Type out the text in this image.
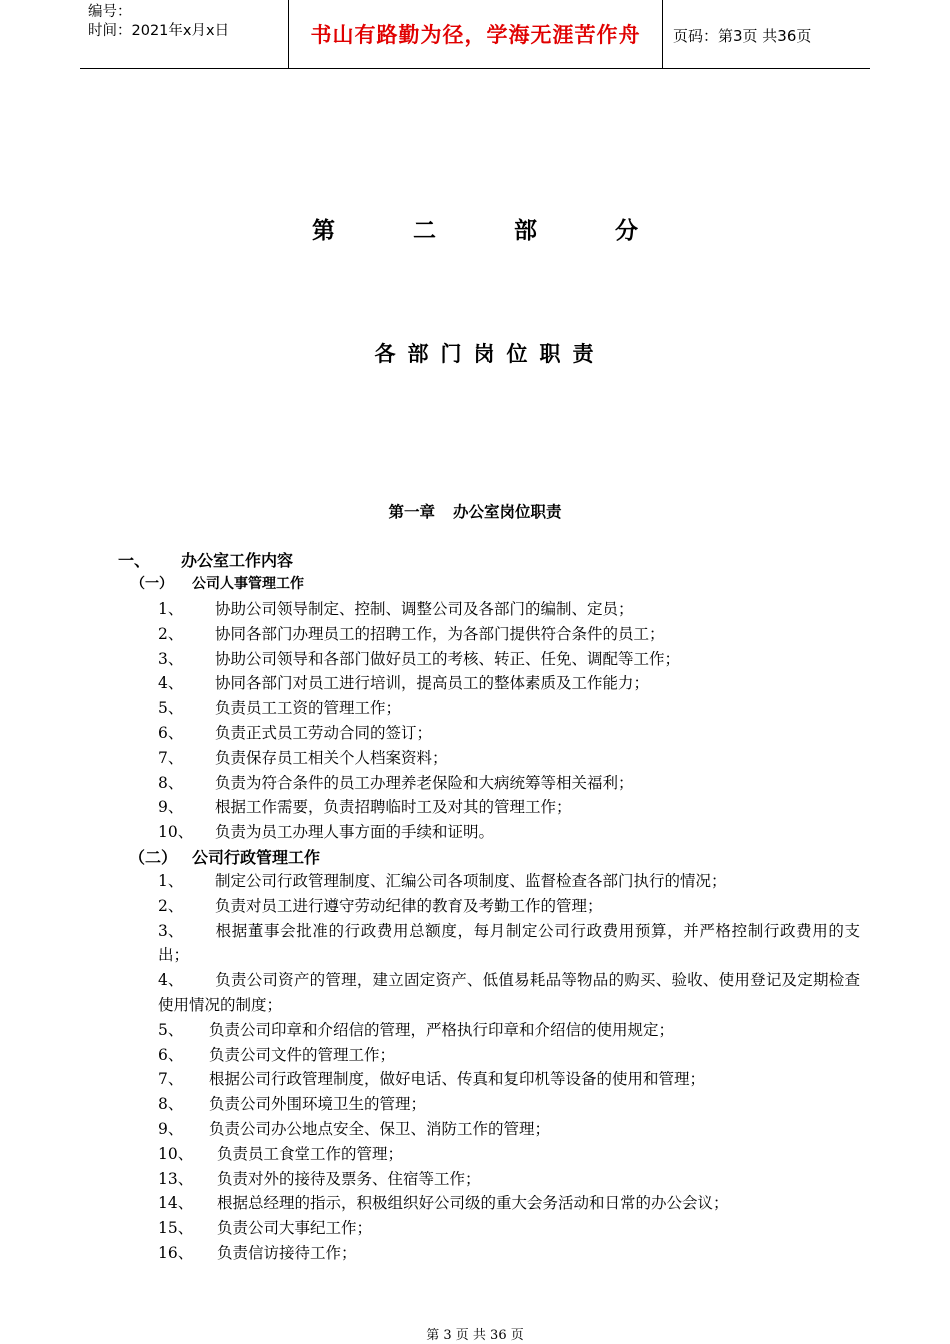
编号：
时间：2021年x月x日	书山有路勤为径，学海无涯苦作舟 页码：第3页 共36页
第	二	部	分
各部门岗位职责
第一章 办公室岗位职责
一、 办公室工作内容
（一） 公司人事管理工作
1、 协助公司领导制定、控制、调整公司及各部门的编制、定员；
2、 协同各部门办理员工的招聘工作，为各部门提供符合条件的员工；
3、 协助公司领导和各部门做好员工的考核、转正、任免、调配等工作；
4、 协同各部门对员工进行培训，提高员工的整体素质及工作能力；
5、 负责员工工资的管理工作；
6、 负责正式员工劳动合同的签订；
7、 负责保存员工相关个人档案资料；
8、 负责为符合条件的员工办理养老保险和大病统筹等相关福利；
9、 根据工作需要，负责招聘临时工及对其的管理工作；
10、 负责为员工办理人事方面的手续和证明。
（二） 公司行政管理工作
1、 制定公司行政管理制度、汇编公司各项制度、监督检查各部门执行的情况；
2、 负责对员工进行遵守劳动纪律的教育及考勤工作的管理；
3、 根据董事会批准的行政费用总额度，每月制定公司行政费用预算，并严格控制行政费用的支出；
4、 负责公司资产的管理，建立固定资产、低值易耗品等物品的购买、验收、使用登记及定期检查使用情况的制度；
5、 负责公司印章和介绍信的管理，严格执行印章和介绍信的使用规定；
6、 负责公司文件的管理工作；
7、 根据公司行政管理制度，做好电话、传真和复印机等设备的使用和管理；
8、 负责公司外围环境卫生的管理；
9、 负责公司办公地点安全、保卫、消防工作的管理；
10、 负责员工食堂工作的管理；
13、 负责对外的接待及票务、住宿等工作；
14、 根据总经理的指示，积极组织好公司级的重大会务活动和日常的办公会议；
15、 负责公司大事纪工作；
16、 负责信访接待工作；
第 3 页 共 36 页
